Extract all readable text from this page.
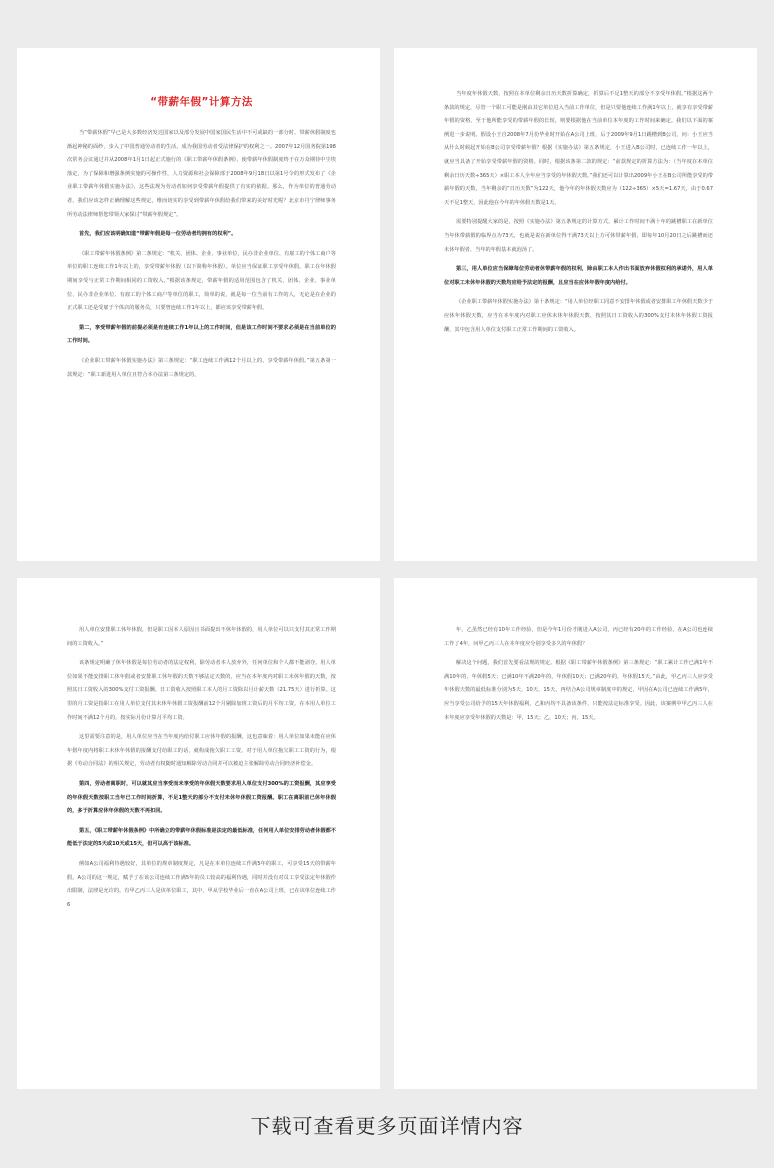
“带薪年假”计算方法

当“带薪休假”早已是大多数经济发达国家以及部分发展中国家国民生活中不可或缺的一部分时，带薪休假制度也渐起神秘的面纱，步入了中国普通劳动者的生活。成为我国劳动者受法律保护的权利之一。2007年12月国务院第198次常务会议通过并从2008年1月1日起正式施行的《职工带薪年休假条例》，使带薪年休假制度终于在万众期待中尘埃落定，为了保障和增强条例实施的可操作性，人力资源和社会保障部于2008年9月18日以第1号令的形式发布了《企业职工带薪年休假实施办法》，这些法规为劳动者如何享受带薪年假提供了有实的依据。那么，作为单位的普通劳动者，我们应该怎样正确理解这些规定，维而切实的享受到带薪年休假给我们带来的美好时光呢？北京市丹宁律师事务所劳动法律师帮您带领大家探讨“带薪年假规定”。

首先，我们应该明确知道“带薪年假是每一位劳动者均拥有的权利”。

《职工带薪年休假条例》第二条规定：“机关、团体、企业、事业单位、民办非企业单位、有雇工的个体工商户等单位的职工连续工作1年以上的，享受带薪年休假（以下简称年休假）。单位应当保证职工享受年休假。职工在年休假期间享受与正常工作期间相同的工资收入。”根据该条规定，带薪年假的适用范围包含了机关、团体、企业、事业单位、民办非企业单位、有雇工的个体工商户等单位的职工，简单的说，就是每一位当前有工作的人，无论是在企业的正式职工还是受雇于个体店的服务员，只要曾连续工作1年以上，都应该享受带薪年假。

第二，享受带薪年假的前提必须是有连续工作1年以上的工作时间，但是该工作时间不要求必须是在当前单位的工作时间。

《企业职工带薪年休假实施办法》第三条规定：“职工连续工作满12个月以上的，享受带薪年休假。”第五条第一款规定：“职工新进用人单位且符合本办法第三条规定的，

当年度年休假天数，按照在本单位剩余日历天数折算确定，折算后不足1整天的部分不享受年休假。”根据这两个条款的规定，尽管一个职工可能是刚由其它单位进入当前工作单位，但是只要他连续工作满1年以上，就享有享受带薪年假的资格。至于他所能享受的带薪年假的长短，则要根据他在当前单位本年度的工作时间来确定。我们以下面的案例进一步说明。假设小王自2008年7月份毕业时开始在A公司上班，后于2009年9月1日跳槽到B公司，问：小王应当从什么时候起开始在B公司享受带薪年假？根据《实施办法》第五条规定，小王进入B公司时，已连续工作一年以上，就应当具备了开始享受带薪年假的资格。同时，根据该条第二款的规定：“前款规定的折算方法为：（当年度在本单位剩余日历天数÷365天）×职工本人全年应当享受的年休假天数。”我们还可以计算出2009年小王在B公司所能享受的带薪年假的天数，当年剩余的“日历天数”为122天，他今年的年休假天数应为（122÷365）×5天=1.67天，由于0.67天不足1整天，因此他在今年的年休假天数是1天。

需要特别提醒大家的是，按照《实施办法》第五条规定的计算方式，累计工作时间不满十年的跳槽职工在新单位当年休带薪假的临界点为73天，也就是说在新单位得干满73天以上方可休带薪年假，即每年10月20日之后跳槽而还未休年假者，当年的年假基本就泡汤了。

第三，用人单位应当保障每位劳动者休带薪年假的权利，除由职工本人作出书面放弃休假权利的承诺外，用人单位对职工未休年休假的天数均应给予法定的报酬，且应当在应休年假年度内给付。

《企业职工带薪年休假实施办法》第十条规定：“用人单位经职工同意不安排年休假或者安排职工年休假天数少于应休年休假天数，应当在本年度内对职工应休未休年休假天数，按照其日工资收入的300%支付未休年休假工资报酬，其中包含用人单位支付职工正常工作期间的工资收入。

用人单位安排职工休年休假，但是职工因本人原因且书面提出不休年休假的，用人单位可以只支付其正常工作期间的工资收入。”

该条规定明确了休年休假是每位劳动者的法定权利，除劳动者本人放弃外，任何单位和个人都不能剥夺。用人单位如果不能安排职工休年假或者安排职工休年假的天数不够法定天数的，应当在本年度内对职工未休年假的天数，按照其日工资收入的300%支付工资报酬。日工资收入按照职工本人的月工资除以月计薪天数（21.75天）进行折算。这里的月工资是指职工在用人单位支付其未休年休假工资报酬前12个月剔除加班工资后的月平均工资。在本用人单位工作时间不满12个月的，按实际月份计算月平均工资。

这里需要注意的是，用人单位应当在当年度内给付职工应休年假的报酬，这也意味着：用人单位如果未能在应休年假年度内将职工未休年休假的报酬支付给职工的话，就构成拖欠职工工资。对于用人单位拖欠职工工资的行为，根据《劳动合同法》的相关规定，劳动者有权随时通知解除劳动合同并可以被迫主张解除劳动合同经济补偿金。

第四，劳动者离职时，可以就其应当享受而未享受的年休假天数要求用人单位支付300%的工资报酬，其应享受的年休假天数按职工当年已工作时间折算，不足1整天的部分不支付未休年休假工资报酬。职工在离职前已休年休假的，多于折算应休年休假的天数不再扣回。

第五，《职工带薪年休假条例》中所确立的带薪年休假标准是法定的最低标准，任何用人单位安排劳动者休假都不能低于法定的5天或10天或15天，但可以高于该标准。

例如A公司福利待遇较好，其单位的规章制度规定，凡是在本单位连续工作满5年的职工，可享受15天的带薪年假。A公司的这一规定，赋予了在该公司连续工作满5年的员工较高的福利待遇，同时并没有对员工享受法定年休假作出限制，法律是允许的。有甲乙丙三人是该单位职工，其中，甲从学校毕业后一直在A公司上班，已在该单位连续工作6

年，乙虽然已经有10年工作经验，但是今年1月份才刚进入A公司，丙已经有20年的工作经验，在A公司也连续工作了4年，问甲乙丙三人在本年度应分别享受多久的年休假？

解决这个问题，我们首先要看法规的规定。根据《职工带薪年休假条例》第三条规定：“职工累计工作已满1年不满10年的，年休假5天；已满10年不满20年的，年休假10天；已满20年的，年休假15天。”由此，甲乙丙三人应享受年休假天数的最低标准分别为5天、10天、15天，再结合A公司规章制度中的规定，甲因在A公司已连续工作满5年，应当享受公司给予的15天年休假福利，乙和丙均不具备该条件，只能按法定标准享受。因此，该案例中甲乙丙三人在本年度应享受年休假的天数是：甲，15天；乙，10天；丙，15天。

下载可查看更多页面详情内容
